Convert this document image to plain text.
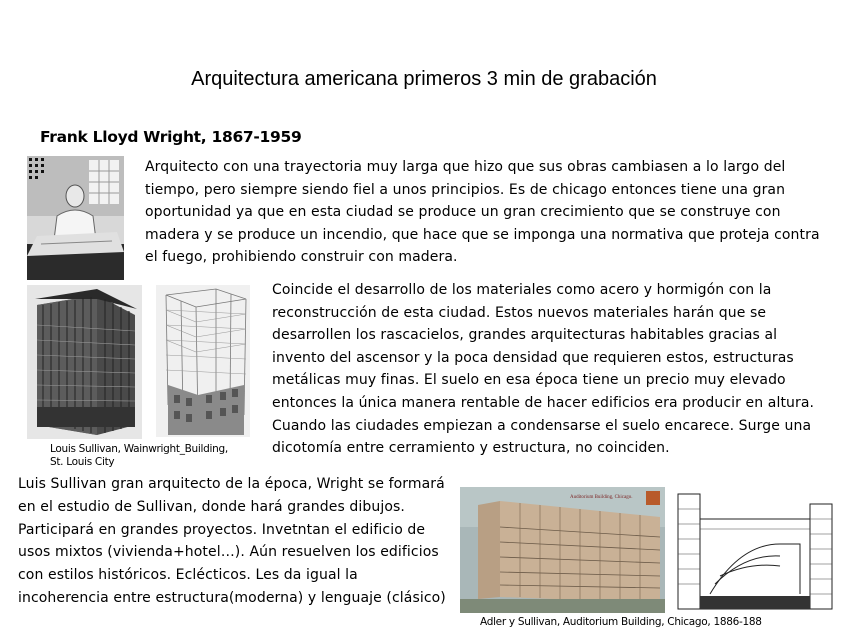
Arquitectura americana primeros 3 min de grabación
Frank Lloyd Wright, 1867-1959
Arquitecto con una trayectoria muy larga que hizo que sus obras cambiasen a lo largo del tiempo, pero siempre siendo fiel a unos principios. Es de chicago entonces tiene una gran oportunidad ya que en esta ciudad se produce un gran crecimiento que se construye con madera y se produce un incendio, que hace que se imponga una normativa que proteja contra el fuego, prohibiendo construir con madera.
Coincide el desarrollo de los materiales como acero y hormigón con la reconstrucción de esta ciudad. Estos nuevos materiales harán que se desarrollen los rascacielos, grandes arquitecturas habitables gracias al invento del ascensor y la poca densidad que requieren estos, estructuras metálicas muy finas. El suelo en esa época tiene un precio muy elevado entonces la única manera rentable de hacer edificios era producir en altura. Cuando las ciudades empiezan a condensarse el suelo encarece. Surge una dicotomía entre cerramiento y estructura, no coinciden.
Louis Sullivan, Wainwright_Building,
St. Louis City
Luis Sullivan gran arquitecto de la época, Wright se formará en el estudio de Sullivan, donde hará grandes dibujos. Participará en grandes proyectos. Invetntan el edificio de usos mixtos (vivienda+hotel…). Aún resuelven los edificios con estilos históricos. Eclécticos. Les da igual la incoherencia entre estructura(moderna) y lenguaje (clásico)
Auditorium Building, Chicago.
Adler y Sullivan, Auditorium Building, Chicago, 1886-188
